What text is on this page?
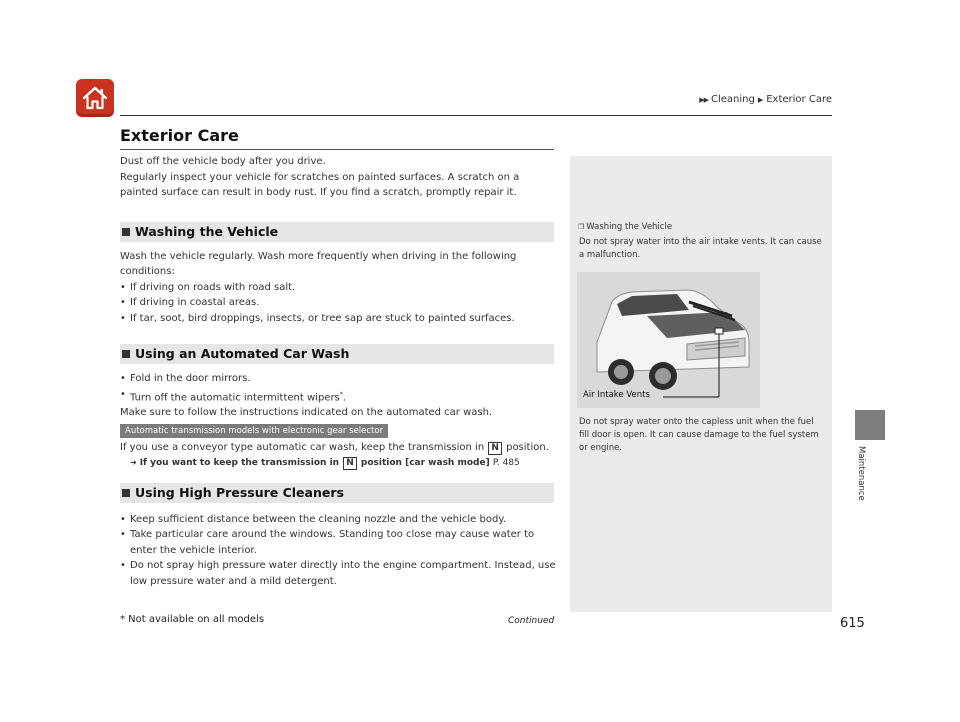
▶▶ Cleaning ▶ Exterior Care
Exterior Care

Dust off the vehicle body after you drive.

Regularly inspect your vehicle for scratches on painted surfaces. A scratch on a painted surface can result in body rust. If you find a scratch, promptly repair it.

Washing the Vehicle

Wash the vehicle regularly. Wash more frequently when driving in the following conditions:

• If driving on roads with road salt.
• If driving in coastal areas.
• If tar, soot, bird droppings, insects, or tree sap are stuck to painted surfaces.
Using an Automated Car Wash
• Fold in the door mirrors.
• Turn off the automatic intermittent wipers*.

Make sure to follow the instructions indicated on the automated car wash.

Automatic transmission models with electronic gear selector

If you use a conveyor type automatic car wash, keep the transmission in N position.

➜ If you want to keep the transmission in N position [car wash mode] P. 485

Using High Pressure Cleaners
• Keep sufficient distance between the cleaning nozzle and the vehicle body.
• Take particular care around the windows. Standing too close may cause water to enter the vehicle interior.
• Do not spray high pressure water directly into the engine compartment. Instead, use low pressure water and a mild detergent.
❐ Washing the Vehicle
Do not spray water into the air intake vents. It can cause a malfunction.
Air Intake Vents
Do not spray water onto the capless unit when the fuel fill door is open. It can cause damage to the fuel system or engine.	Maintenance
Continued	615
* Not available on all models
